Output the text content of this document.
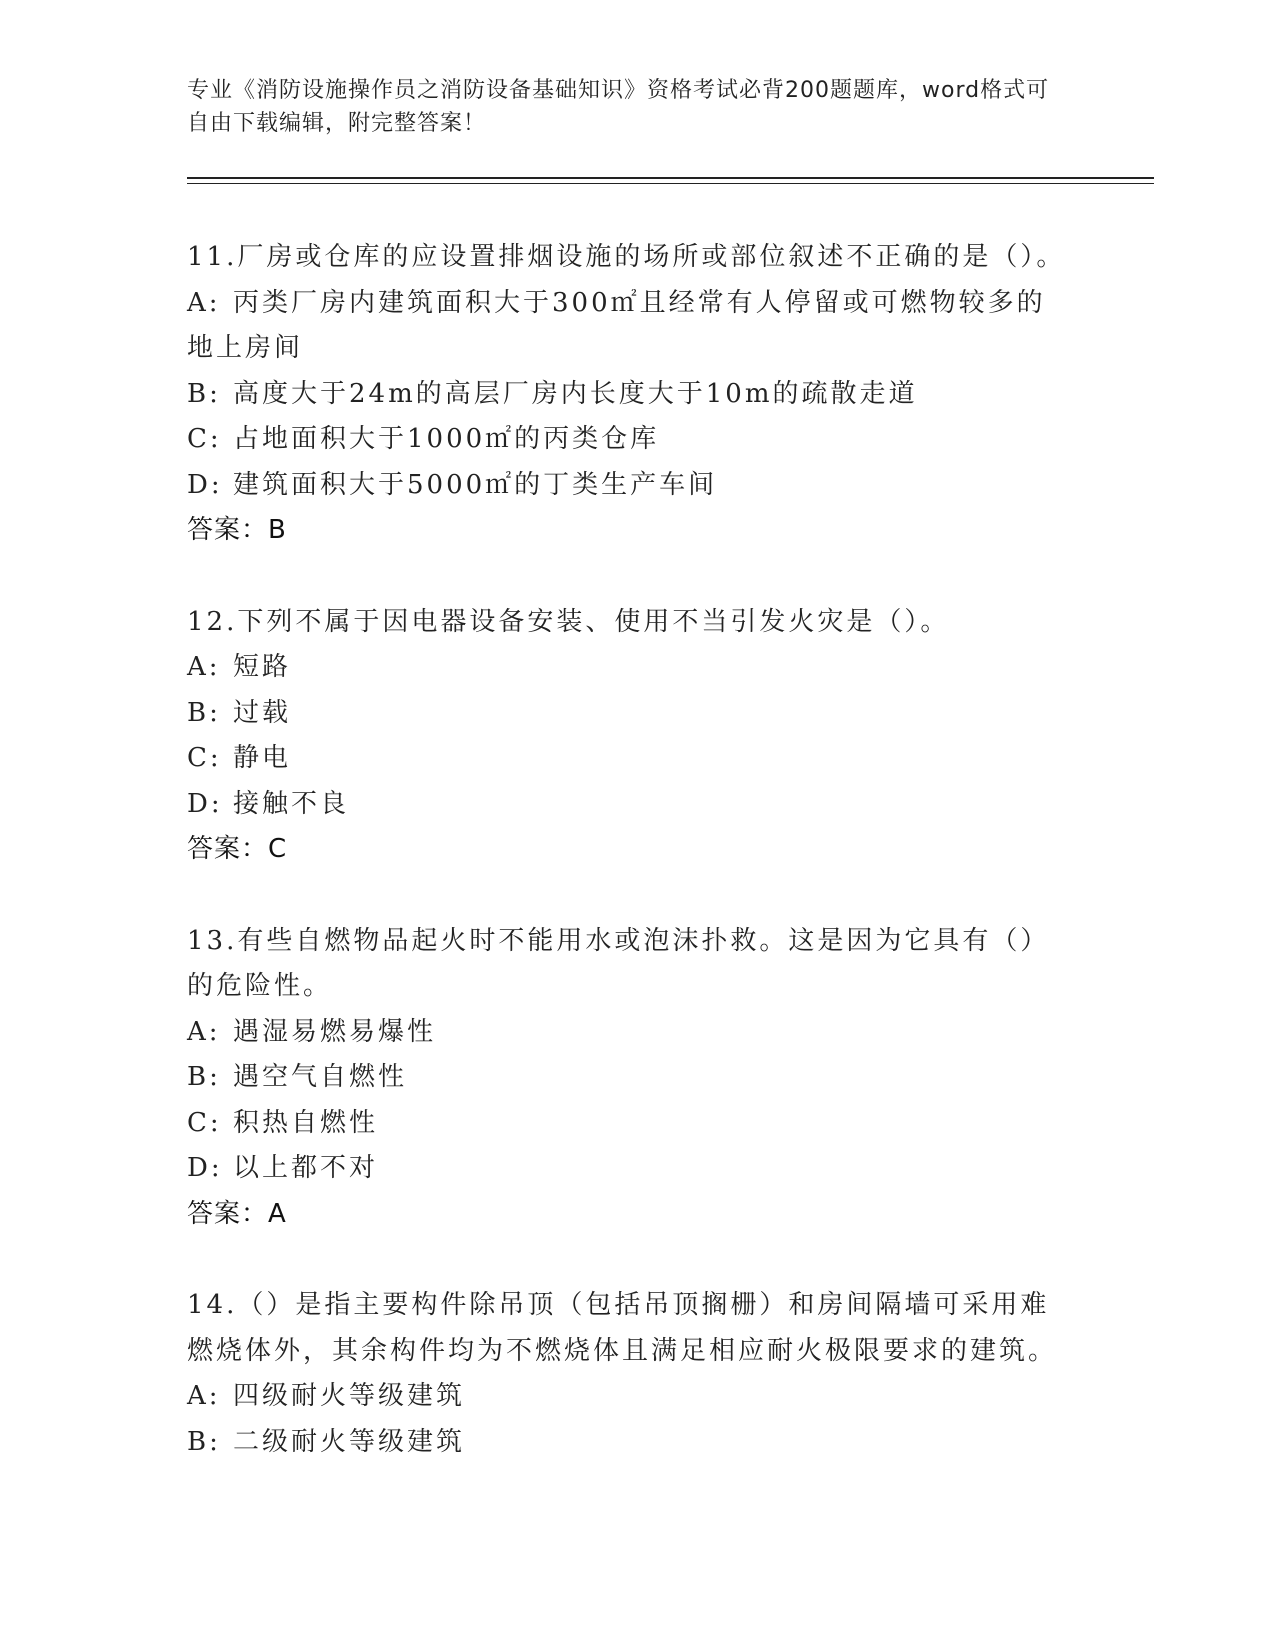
专业《消防设施操作员之消防设备基础知识》资格考试必背200题题库，word格式可自由下载编辑，附完整答案！
11.厂房或仓库的应设置排烟设施的场所或部位叙述不正确的是（）。
A: 丙类厂房内建筑面积大于300㎡且经常有人停留或可燃物较多的地上房间
B: 高度大于24m的高层厂房内长度大于10m的疏散走道
C: 占地面积大于1000㎡的丙类仓库
D: 建筑面积大于5000㎡的丁类生产车间
答案：B
12.下列不属于因电器设备安装、使用不当引发火灾是（）。
A: 短路
B: 过载
C: 静电
D: 接触不良
答案：C
13.有些自燃物品起火时不能用水或泡沫扑救。这是因为它具有（）的危险性。
A: 遇湿易燃易爆性
B: 遇空气自燃性
C: 积热自燃性
D: 以上都不对
答案：A
14.（）是指主要构件除吊顶（包括吊顶搁栅）和房间隔墙可采用难燃烧体外，其余构件均为不燃烧体且满足相应耐火极限要求的建筑。
A: 四级耐火等级建筑
B: 二级耐火等级建筑
